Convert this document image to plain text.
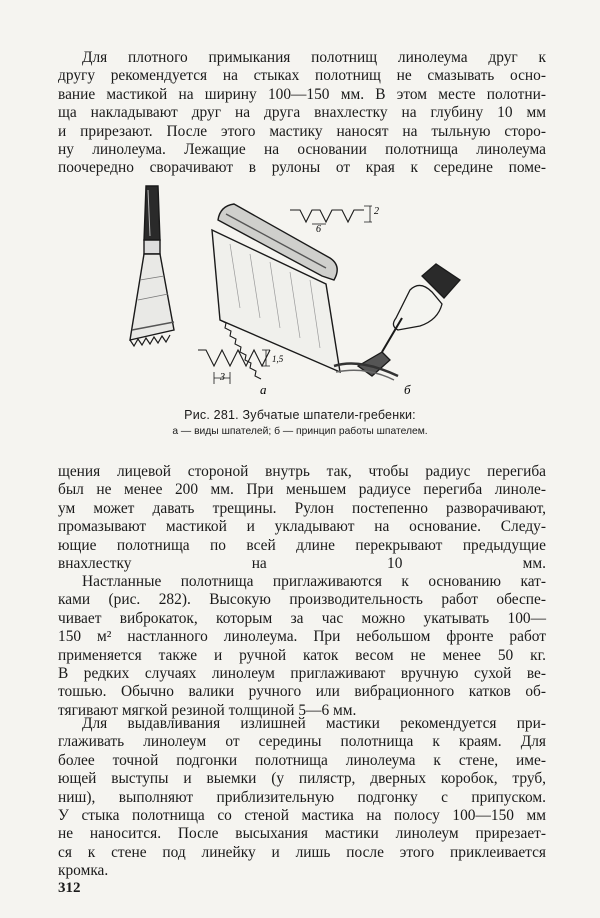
Для плотного примыкания полотнищ линолеума друг к
другу рекомендуется на стыках полотнищ не смазывать осно-
вание мастикой на ширину 100—150 мм. В этом месте полотни-
ща накладывают друг на друга внахлестку на глубину 10 мм
и прирезают. После этого мастику наносят на тыльную сторо-
ну линолеума. Лежащие на основании полотнища линолеума
поочередно сворачивают в рулоны от края к середине поме-

6
2
3
1,5
а	б
Рис. 281. Зубчатые шпатели-гребенки:
а — виды шпателей; б — принцип работы шпателем.

щения лицевой стороной внутрь так, чтобы радиус перегиба
был не менее 200 мм. При меньшем радиусе перегиба линоле-
ум может давать трещины. Рулон постепенно разворачивают,
промазывают мастикой и укладывают на основание. Следу-
ющие полотнища по всей длине перекрывают предыдущие
внахлестку на 10 мм.

Настланные полотнища приглаживаются к основанию кат-
ками (рис. 282). Высокую производительность работ обеспе-
чивает виброкаток, которым за час можно укатывать 100—
150 м² настланного линолеума. При небольшом фронте работ
применяется также и ручной каток весом не менее 50 кг.
В редких случаях линолеум приглаживают вручную сухой ве-
тошью. Обычно валики ручного или вибрационного катков об-
тягивают мягкой резиной толщиной 5—6 мм.

Для выдавливания излишней мастики рекомендуется при-
глаживать линолеум от середины полотнища к краям. Для
более точной подгонки полотнища линолеума к стене, име-
ющей выступы и выемки (у пилястр, дверных коробок, труб,
ниш), выполняют приблизительную подгонку с припуском.
У стыка полотнища со стеной мастика на полосу 100—150 мм
не наносится. После высыхания мастики линолеум прирезает-
ся к стене под линейку и лишь после этого приклеивается
кромка.

312
